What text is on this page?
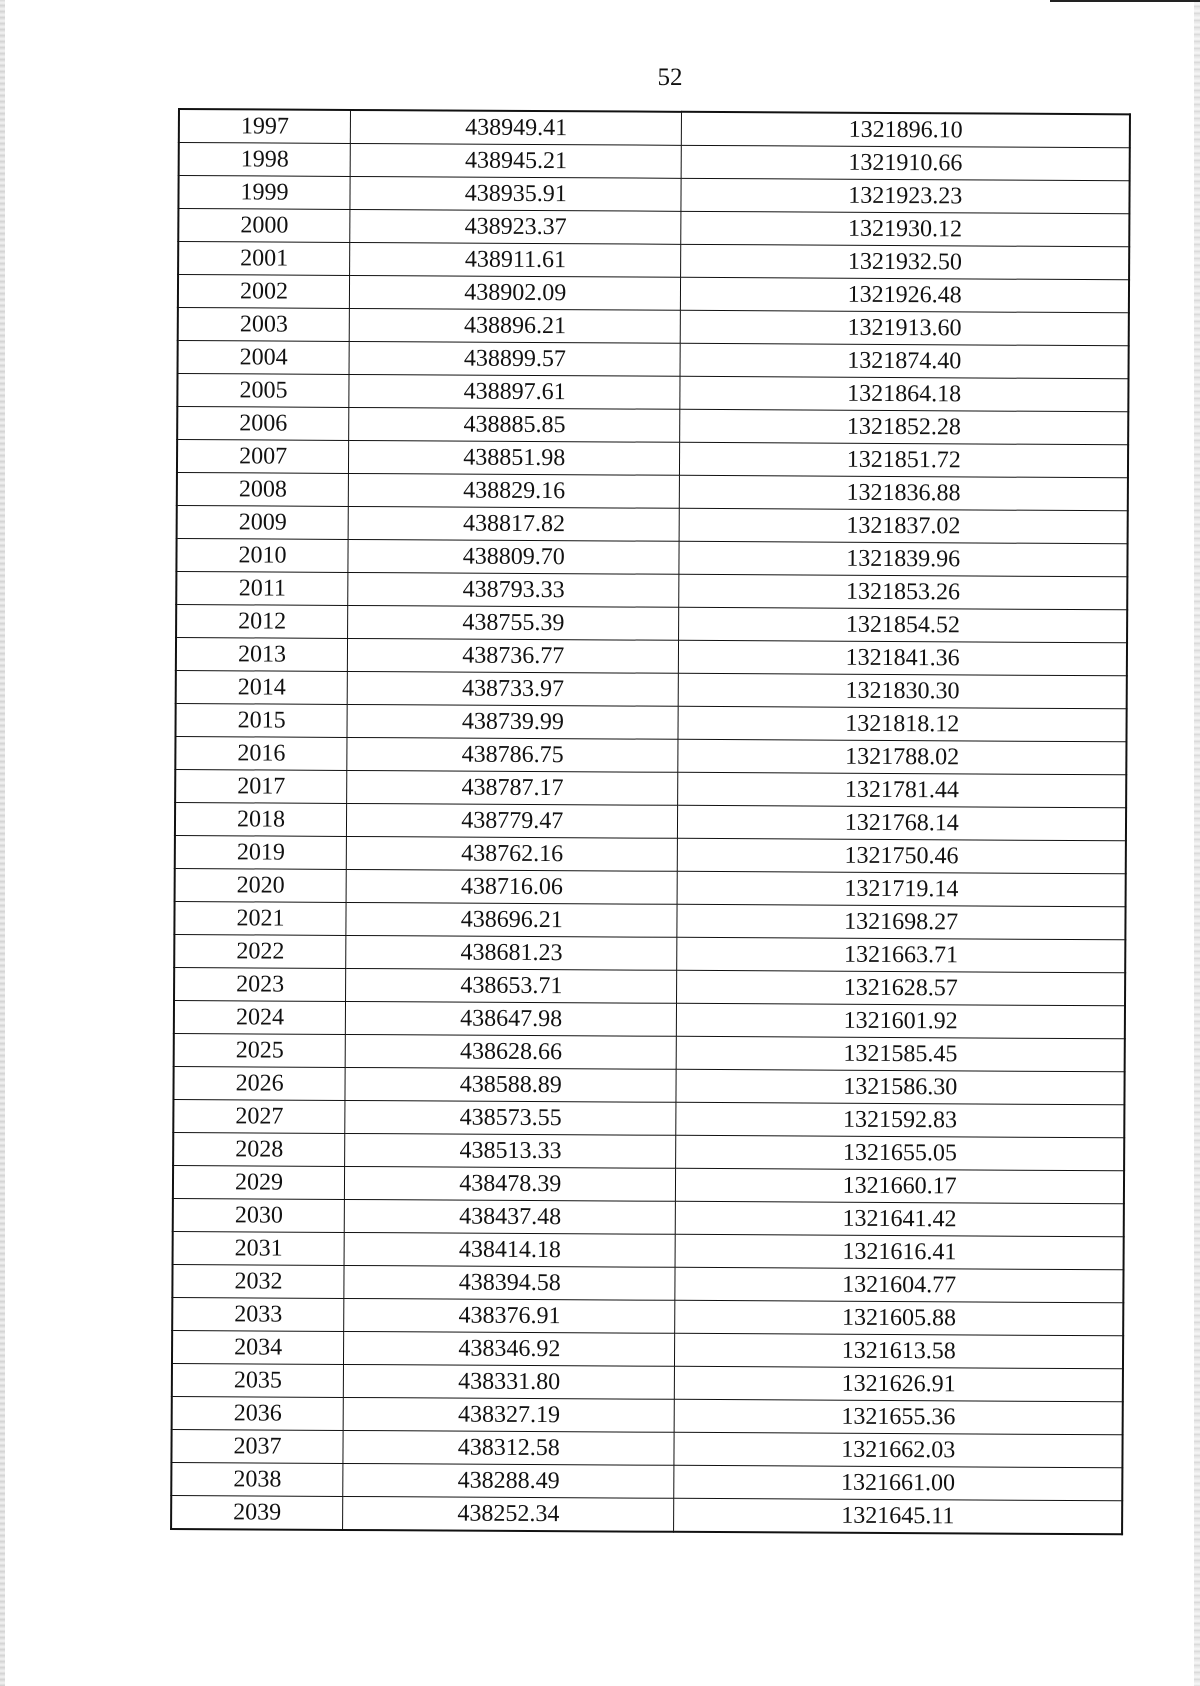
52
1997	438949.41	1321896.10
1998	438945.21	1321910.66
1999	438935.91	1321923.23
2000	438923.37	1321930.12
2001	438911.61	1321932.50
2002	438902.09	1321926.48
2003	438896.21	1321913.60
2004	438899.57	1321874.40
2005	438897.61	1321864.18
2006	438885.85	1321852.28
2007	438851.98	1321851.72
2008	438829.16	1321836.88
2009	438817.82	1321837.02
2010	438809.70	1321839.96
2011	438793.33	1321853.26
2012	438755.39	1321854.52
2013	438736.77	1321841.36
2014	438733.97	1321830.30
2015	438739.99	1321818.12
2016	438786.75	1321788.02
2017	438787.17	1321781.44
2018	438779.47	1321768.14
2019	438762.16	1321750.46
2020	438716.06	1321719.14
2021	438696.21	1321698.27
2022	438681.23	1321663.71
2023	438653.71	1321628.57
2024	438647.98	1321601.92
2025	438628.66	1321585.45
2026	438588.89	1321586.30
2027	438573.55	1321592.83
2028	438513.33	1321655.05
2029	438478.39	1321660.17
2030	438437.48	1321641.42
2031	438414.18	1321616.41
2032	438394.58	1321604.77
2033	438376.91	1321605.88
2034	438346.92	1321613.58
2035	438331.80	1321626.91
2036	438327.19	1321655.36
2037	438312.58	1321662.03
2038	438288.49	1321661.00
2039	438252.34	1321645.11
